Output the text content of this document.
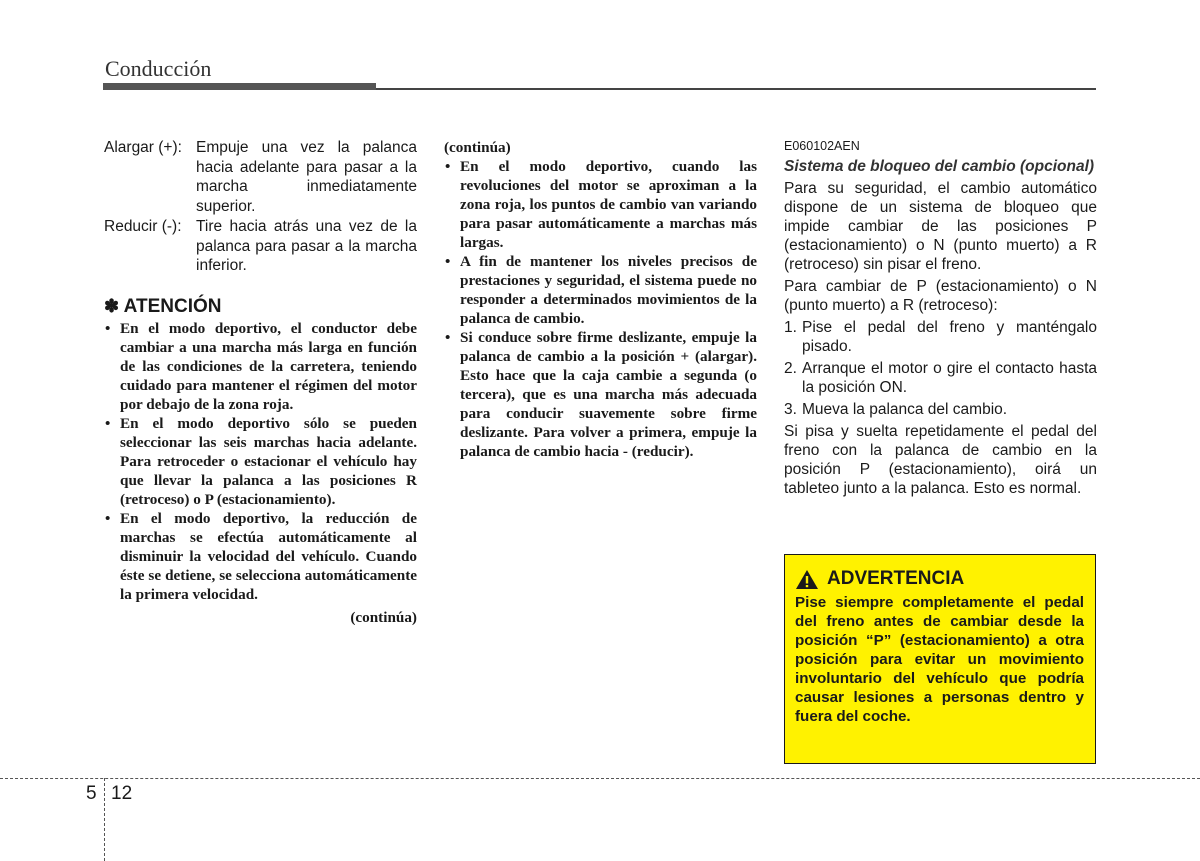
Conducción
Alargar (+): Empuje una vez la palanca hacia adelante para pasar a la marcha inmediatamente superior.
Reducir (-): Tire hacia atrás una vez de la palanca para pasar a la marcha inferior.
✽ ATENCIÓN
• En el modo deportivo, el conductor debe cambiar a una marcha más larga en función de las condiciones de la carretera, teniendo cuidado para mantener el régimen del motor por debajo de la zona roja.
• En el modo deportivo sólo se pueden seleccionar las seis marchas hacia adelante. Para retroceder o estacionar el vehículo hay que llevar la palanca a las posiciones R (retroceso) o P (estacionamiento).
• En el modo deportivo, la reducción de marchas se efectúa automáticamente al disminuir la velocidad del vehículo. Cuando éste se detiene, se selecciona automáticamente la primera velocidad.
(continúa)
(continúa)
• En el modo deportivo, cuando las revoluciones del motor se aproximan a la zona roja, los puntos de cambio van variando para pasar automáticamente a marchas más largas.
• A fin de mantener los niveles precisos de prestaciones y seguridad, el sistema puede no responder a determinados movimientos de la palanca de cambio.
• Si conduce sobre firme deslizante, empuje la palanca de cambio a la posición + (alargar). Esto hace que la caja cambie a segunda (o tercera), que es una marcha más adecuada para conducir suavemente sobre firme deslizante. Para volver a primera, empuje la palanca de cambio hacia - (reducir).
E060102AEN
Sistema de bloqueo del cambio (opcional)
Para su seguridad, el cambio automático dispone de un sistema de bloqueo que impide cambiar de las posiciones P (estacionamiento) o N (punto muerto) a R (retroceso) sin pisar el freno.
Para cambiar de P (estacionamiento) o N (punto muerto) a R (retroceso):
1. Pise el pedal del freno y manténgalo pisado.
2. Arranque el motor o gire el contacto hasta la posición ON.
3. Mueva la palanca del cambio.
Si pisa y suelta repetidamente el pedal del freno con la palanca de cambio en la posición P (estacionamiento), oirá un tableteo junto a la palanca. Esto es normal.
ADVERTENCIA
Pise siempre completamente el pedal del freno antes de cambiar desde la posición “P” (estacionamiento) a otra posición para evitar un movimiento involuntario del vehículo que podría causar lesiones a personas dentro y fuera del coche.
5 12
